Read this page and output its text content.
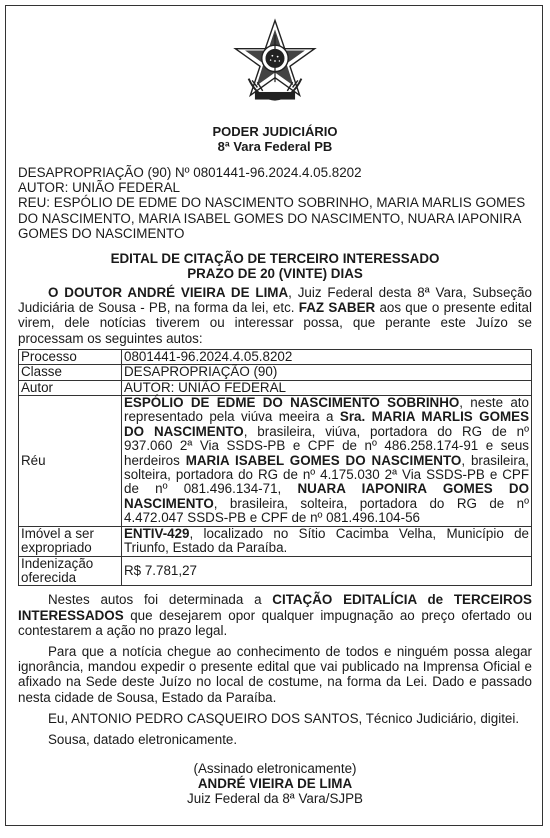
PODER JUDICIÁRIO
8ª Vara Federal PB
DESAPROPRIAÇÃO (90) Nº 0801441-96.2024.4.05.8202
AUTOR: UNIÃO FEDERAL
REU: ESPÓLIO DE EDME DO NASCIMENTO SOBRINHO, MARIA MARLIS GOMES DO NASCIMENTO, MARIA ISABEL GOMES DO NASCIMENTO, NUARA IAPONIRA GOMES DO NASCIMENTO
EDITAL DE CITAÇÃO DE TERCEIRO INTERESSADO
PRAZO DE 20 (VINTE) DIAS

O DOUTOR ANDRÉ VIEIRA DE LIMA, Juiz Federal desta 8ª Vara, Subseção Judiciária de Sousa - PB, na forma da lei, etc. FAZ SABER aos que o presente edital virem, dele notícias tiverem ou interessar possa, que perante este Juízo se processam os seguintes autos:

Processo	0801441-96.2024.4.05.8202
Classe	DESAPROPRIAÇÃO (90)
Autor	AUTOR: UNIÃO FEDERAL
Réu	ESPÓLIO DE EDME DO NASCIMENTO SOBRINHO, neste ato representado pela viúva meeira a Sra. MARIA MARLIS GOMES DO NASCIMENTO, brasileira, viúva, portadora do RG de nº 937.060 2ª Via SSDS-PB e CPF de nº 486.258.174-91 e seus herdeiros MARIA ISABEL GOMES DO NASCIMENTO, brasileira, solteira, portadora do RG de nº 4.175.030 2ª Via SSDS-PB e CPF de nº 081.496.134-71, NUARA IAPONIRA GOMES DO NASCIMENTO, brasileira, solteira, portadora do RG de nº 4.472.047 SSDS-PB e CPF de nº 081.496.104-56
Imóvel a ser expropriado	ENTIV-429, localizado no Sítio Cacimba Velha, Município de Triunfo, Estado da Paraíba.
Indenização oferecida	R$ 7.781,27

Nestes autos foi determinada a CITAÇÃO EDITALÍCIA de TERCEIROS INTERESSADOS que desejarem opor qualquer impugnação ao preço ofertado ou contestarem a ação no prazo legal.

Para que a notícia chegue ao conhecimento de todos e ninguém possa alegar ignorância, mandou expedir o presente edital que vai publicado na Imprensa Oficial e afixado na Sede deste Juízo no local de costume, na forma da Lei. Dado e passado nesta cidade de Sousa, Estado da Paraíba.

Eu, ANTONIO PEDRO CASQUEIRO DOS SANTOS, Técnico Judiciário, digitei.

Sousa, datado eletronicamente.

(Assinado eletronicamente)
ANDRÉ VIEIRA DE LIMA
Juiz Federal da 8ª Vara/SJPB
